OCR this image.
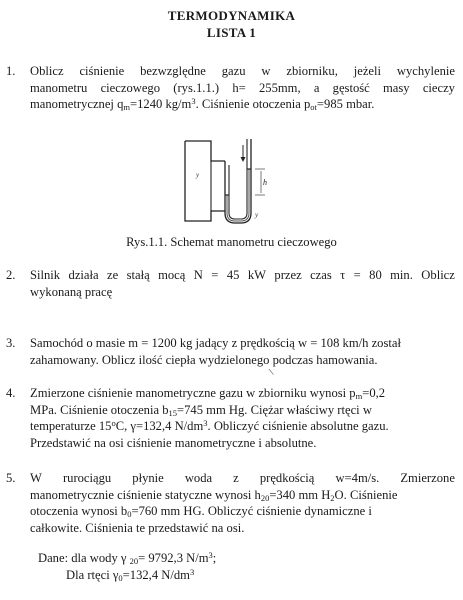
TERMODYNAMIKA
LISTA 1
1. Oblicz ciśnienie bezwzględne gazu w zbiorniku, jeżeli wychylenie
manometru cieczowego (rys.1.1.) h= 255mm, a gęstość masy cieczy
manometrycznej $q_m=1240$ $kg/m^3$. Ciśnienie otoczenia $p_{ot}=985$ mbar.
h
y
y
Rys.1.1. Schemat manometru cieczowego
2. Silnik działa ze stałą mocą N = 45 kW przez czas τ = 80 min. Oblicz
wykonaną pracę
3. Samochód o masie m = 1200 kg jadący z prędkością w = 108 km/h został
zahamowany. Oblicz ilość ciepła wydzielonego podczas hamowania.
\
4. Zmierzone ciśnienie manometryczne gazu w zbiorniku wynosi $p_m=0,2$
MPa. Ciśnienie otoczenia $b_{15}=745$ mm Hg. Ciężar właściwy rtęci w
temperaturze 15$^o$C, γ=132,4 $N/dm^3$. Obliczyć ciśnienie absolutne gazu.
Przedstawić na osi ciśnienie manometryczne i absolutne.
5. W rurociągu płynie woda z prędkością w=4m/s. Zmierzone
manometrycznie ciśnienie statyczne wynosi $h_{20}=340$ mm $H_2O$. Ciśnienie
otoczenia wynosi $b_0=760$ mm HG. Obliczyć ciśnienie dynamiczne i
całkowite. Ciśnienia te przedstawić na osi.
Dane: dla wody γ $_{20}$= 9792,3 $N/m^3$;
Dla rtęci $\gamma_0=132,4$ $N/dm^3$
